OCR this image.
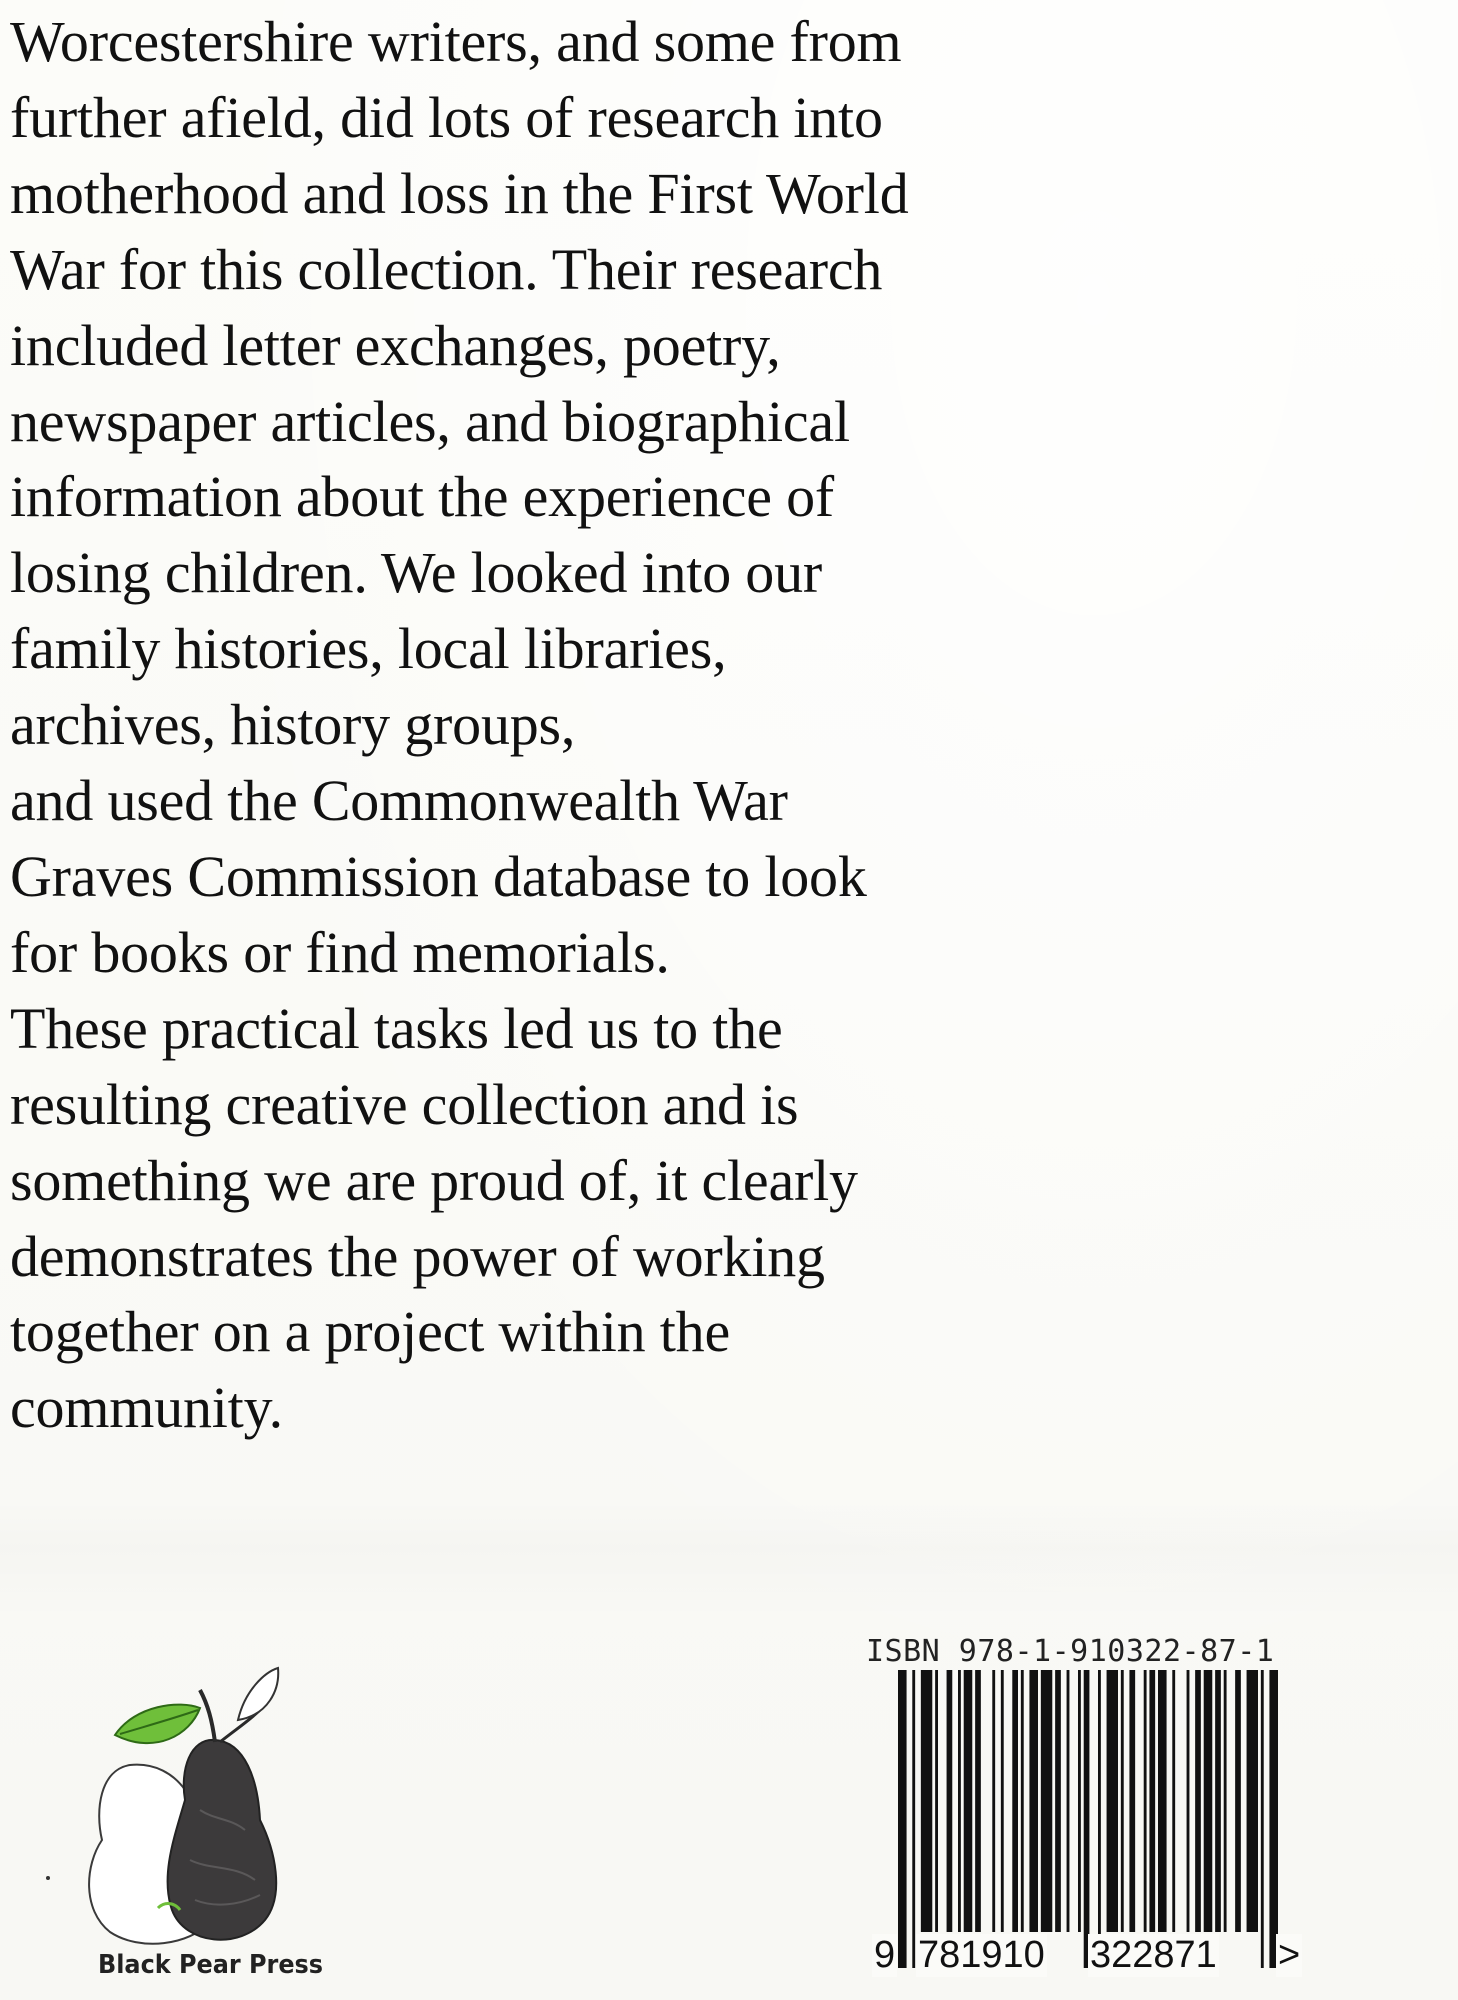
Worcestershire writers, and some from
further afield, did lots of research into
motherhood and loss in the First World
War for this collection. Their research
included letter exchanges, poetry,
newspaper articles, and biographical
information about the experience of
losing children. We looked into our
family histories, local libraries,
archives, history groups,
and used the Commonwealth War
Graves Commission database to look
for books or find memorials.
These practical tasks led us to the
resulting creative collection and is
something we are proud of, it clearly
demonstrates the power of working
together on a project within the
community.
Black Pear Press
ISBN 978-1-910322-87-1
9 781910 322871 >
